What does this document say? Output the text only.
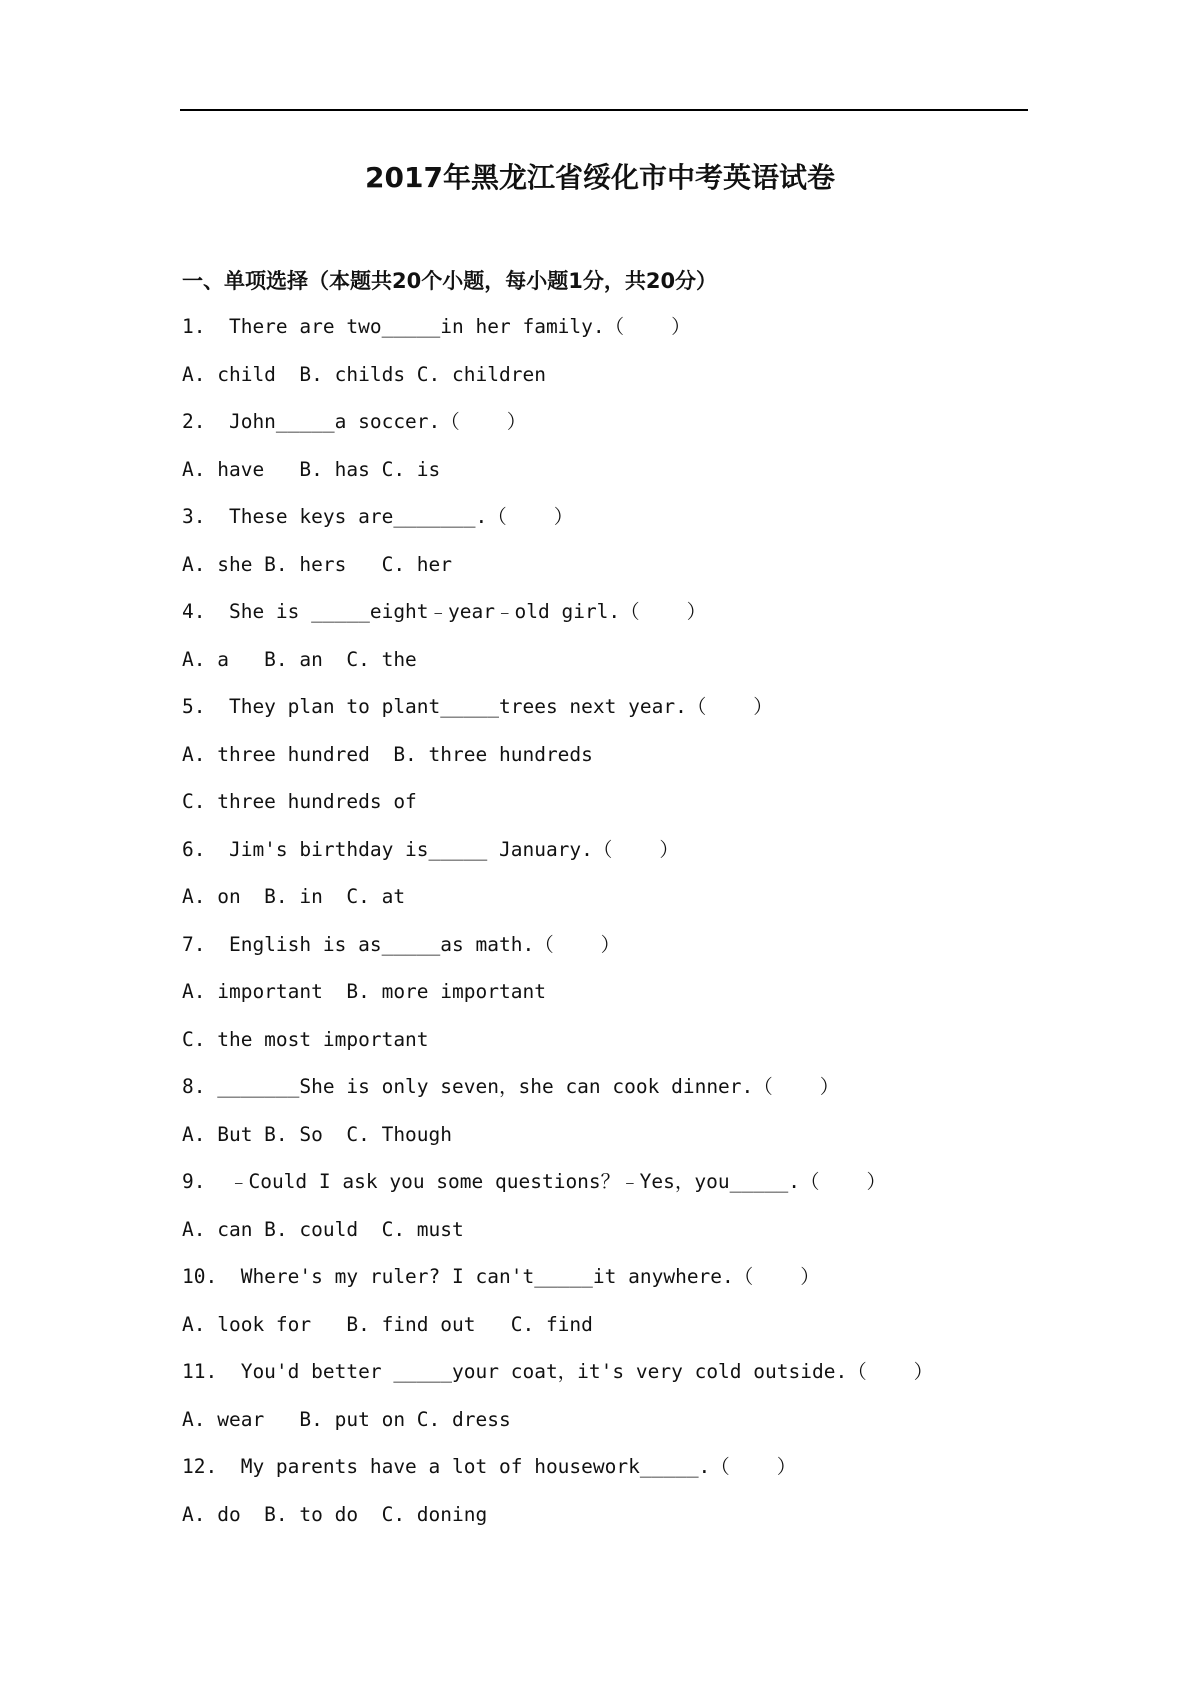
2017年黑龙江省绥化市中考英语试卷
一、单项选择（本题共20个小题，每小题1分，共20分）
1.  There are two_____in her family.（    ）
A. child  B. childs C. children
2.  John_____a soccer.（    ）
A. have   B. has C. is
3.  These keys are_______.（    ）
A. she B. hers   C. her
4.  She is _____eight﹣year﹣old girl.（    ）
A. a   B. an  C. the
5.  They plan to plant_____trees next year.（    ）
A. three hundred  B. three hundreds
C. three hundreds of
6.  Jim's birthday is_____ January.（    ）
A. on  B. in  C. at
7.  English is as_____as math.（    ）
A. important  B. more important
C. the most important
8. _______She is only seven，she can cook dinner.（    ）
A. But B. So  C. Though
9.  ﹣Could I ask you some questions？﹣Yes，you_____.（    ）
A. can B. could  C. must
10.  Where's my ruler? I can't_____it anywhere.（    ）
A. look for   B. find out   C. find
11.  You'd better _____your coat，it's very cold outside.（    ）
A. wear   B. put on C. dress
12.  My parents have a lot of housework_____.（    ）
A. do  B. to do  C. doning
